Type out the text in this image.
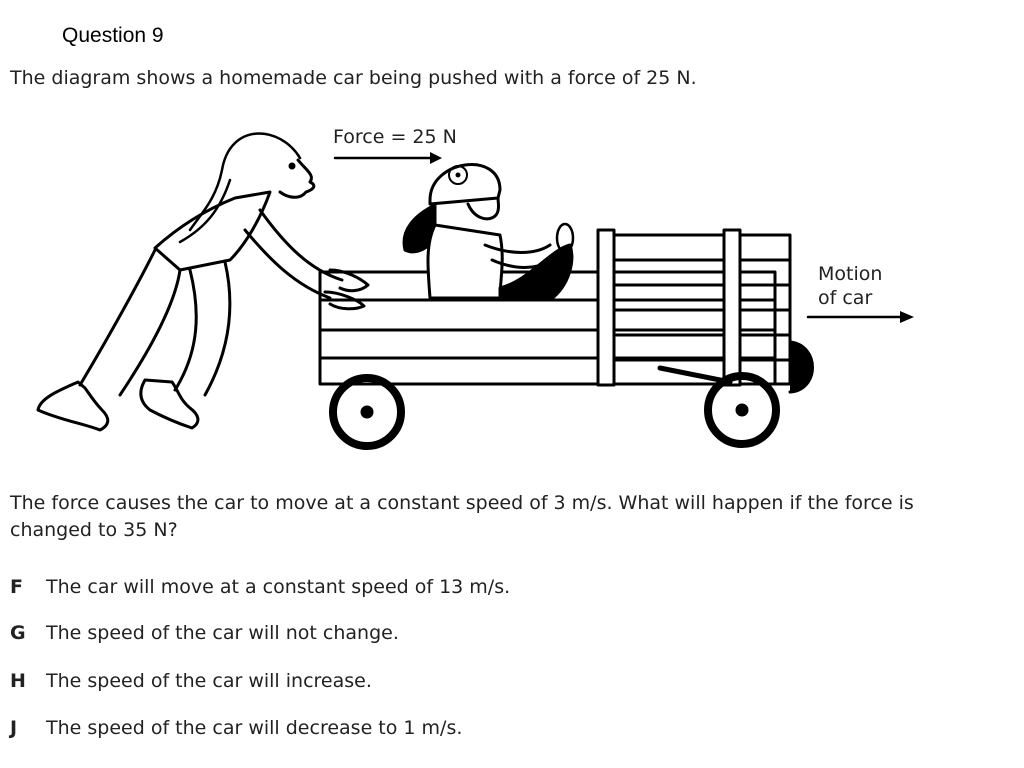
Question 9
The diagram shows a homemade car being pushed with a force of 25 N.
Force = 25 N
Motion
of car
The force causes the car to move at a constant speed of 3 m/s. What will happen if the force is changed to 35 N?
F	The car will move at a constant speed of 13 m/s.
G	The speed of the car will not change.
H	The speed of the car will increase.
J	The speed of the car will decrease to 1 m/s.
